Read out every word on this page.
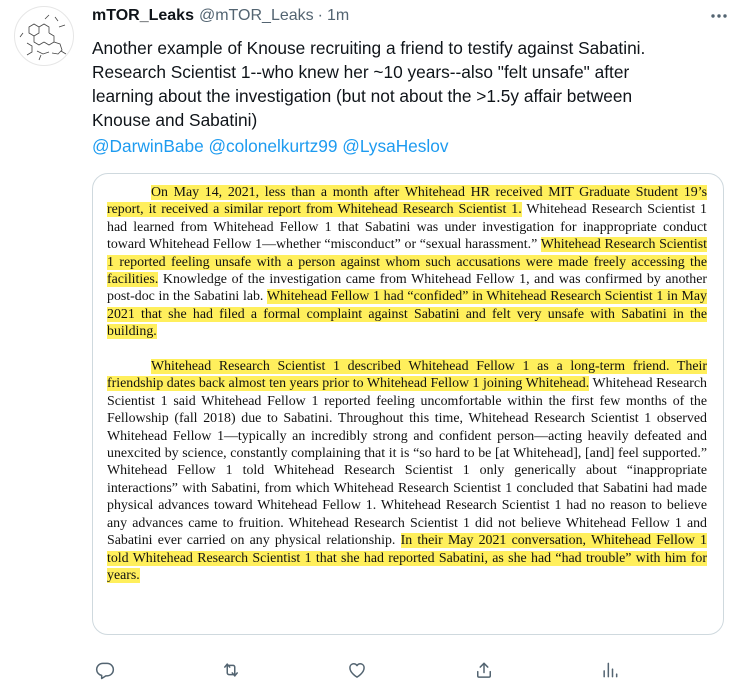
mTOR_Leaks @mTOR_Leaks · 1m

Another example of Knouse recruiting a friend to testify against Sabatini.

Research Scientist 1--who knew her ~10 years--also "felt unsafe" after

learning about the investigation (but not about the >1.5y affair between

Knouse and Sabatini)

@DarwinBabe @colonelkurtz99 @LysaHeslov

On May 14, 2021, less than a month after Whitehead HR received MIT Graduate Student 19’s report, it received a similar report from Whitehead Research Scientist 1. Whitehead Research Scientist 1 had learned from Whitehead Fellow 1 that Sabatini was under investigation for inappropriate conduct toward Whitehead Fellow 1—whether “misconduct” or “sexual harassment.” Whitehead Research Scientist 1 reported feeling unsafe with a person against whom such accusations were made freely accessing the facilities. Knowledge of the investigation came from Whitehead Fellow 1, and was confirmed by another post-doc in the Sabatini lab. Whitehead Fellow 1 had “confided” in Whitehead Research Scientist 1 in May 2021 that she had filed a formal complaint against Sabatini and felt very unsafe with Sabatini in the building.

Whitehead Research Scientist 1 described Whitehead Fellow 1 as a long-term friend. Their friendship dates back almost ten years prior to Whitehead Fellow 1 joining Whitehead. Whitehead Research Scientist 1 said Whitehead Fellow 1 reported feeling uncomfortable within the first few months of the Fellowship (fall 2018) due to Sabatini. Throughout this time, Whitehead Research Scientist 1 observed Whitehead Fellow 1—typically an incredibly strong and confident person—acting heavily defeated and unexcited by science, constantly complaining that it is “so hard to be [at Whitehead], [and] feel supported.” Whitehead Fellow 1 told Whitehead Research Scientist 1 only generically about “inappropriate interactions” with Sabatini, from which Whitehead Research Scientist 1 concluded that Sabatini had made physical advances toward Whitehead Fellow 1. Whitehead Research Scientist 1 had no reason to believe any advances came to fruition. Whitehead Research Scientist 1 did not believe Whitehead Fellow 1 and Sabatini ever carried on any physical relationship. In their May 2021 conversation, Whitehead Fellow 1 told Whitehead Research Scientist 1 that she had reported Sabatini, as she had “had trouble” with him for years.
